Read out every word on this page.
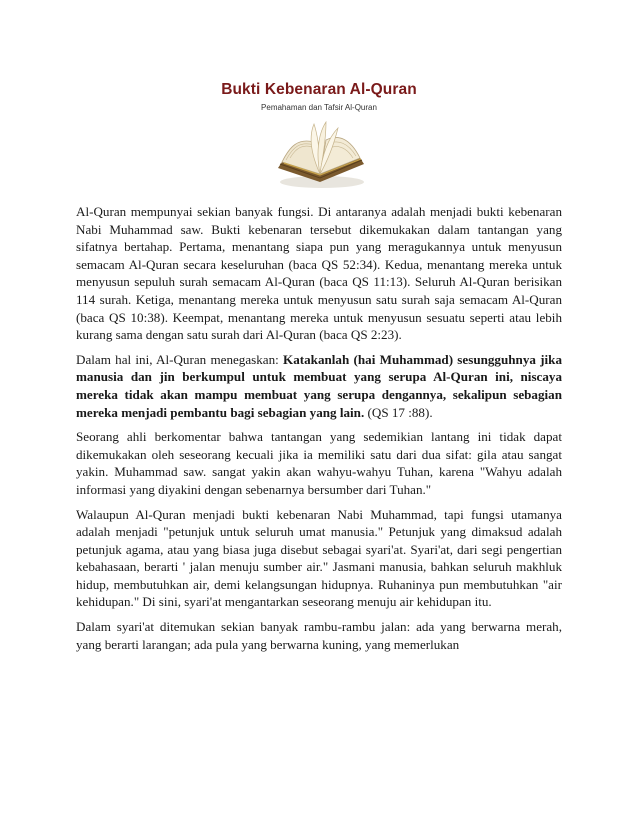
Bukti Kebenaran Al-Quran
Pemahaman dan Tafsir Al-Quran

Al-Quran mempunyai sekian banyak fungsi. Di antaranya adalah menjadi bukti kebenaran Nabi Muhammad saw. Bukti kebenaran tersebut dikemukakan dalam tantangan yang sifatnya bertahap. Pertama, menantang siapa pun yang meragukannya untuk menyusun semacam Al-Quran secara keseluruhan (baca QS 52:34). Kedua, menantang mereka untuk menyusun sepuluh surah semacam Al-Quran (baca QS 11:13). Seluruh Al-Quran berisikan 114 surah. Ketiga, menantang mereka untuk menyusun satu surah saja semacam Al-Quran (baca QS 10:38). Keempat, menantang mereka untuk menyusun sesuatu seperti atau lebih kurang sama dengan satu surah dari Al-Quran (baca QS 2:23).

Dalam hal ini, Al-Quran menegaskan: Katakanlah (hai Muhammad) sesungguhnya jika manusia dan jin berkumpul untuk membuat yang serupa Al-Quran ini, niscaya mereka tidak akan mampu membuat yang serupa dengannya, sekalipun sebagian mereka menjadi pembantu bagi sebagian yang lain. (QS 17 :88).

Seorang ahli berkomentar bahwa tantangan yang sedemikian lantang ini tidak dapat dikemukakan oleh seseorang kecuali jika ia memiliki satu dari dua sifat: gila atau sangat yakin. Muhammad saw. sangat yakin akan wahyu-wahyu Tuhan, karena "Wahyu adalah informasi yang diyakini dengan sebenarnya bersumber dari Tuhan."

Walaupun Al-Quran menjadi bukti kebenaran Nabi Muhammad, tapi fungsi utamanya adalah menjadi "petunjuk untuk seluruh umat manusia." Petunjuk yang dimaksud adalah petunjuk agama, atau yang biasa juga disebut sebagai syari'at. Syari'at, dari segi pengertian kebahasaan, berarti ' jalan menuju sumber air." Jasmani manusia, bahkan seluruh makhluk hidup, membutuhkan air, demi kelangsungan hidupnya. Ruhaninya pun membutuhkan "air kehidupan." Di sini, syari'at mengantarkan seseorang menuju air kehidupan itu.

Dalam syari'at ditemukan sekian banyak rambu-rambu jalan: ada yang berwarna merah, yang berarti larangan; ada pula yang berwarna kuning, yang memerlukan
